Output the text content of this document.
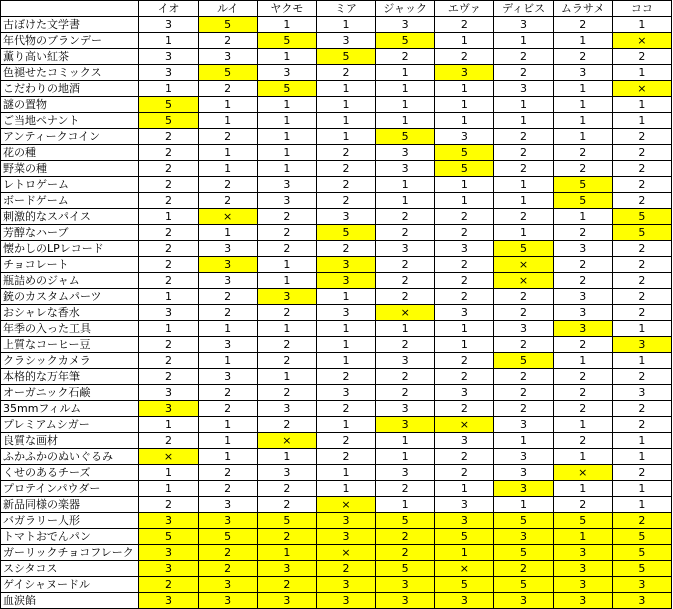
	イオ	ルイ	ヤクモ	ミア	ジャック	エヴァ	ディビス	ムラサメ	ココ
古ぼけた文学書	3	5	1	1	3	2	3	2	1
年代物のブランデー	1	2	5	3	5	1	1	1	×
薫り高い紅茶	3	3	1	5	2	2	2	2	2
色褪せたコミックス	3	5	3	2	1	3	2	3	1
こだわりの地酒	1	2	5	1	1	1	3	1	×
謎の置物	5	1	1	1	1	1	1	1	1
ご当地ペナント	5	1	1	1	1	1	1	1	1
アンティークコイン	2	2	1	1	5	3	2	1	2
花の種	2	1	1	2	3	5	2	2	2
野菜の種	2	1	1	2	3	5	2	2	2
レトロゲーム	2	2	3	2	1	1	1	5	2
ボードゲーム	2	2	3	2	1	1	1	5	2
刺激的なスパイス	1	×	2	3	2	2	2	1	5
芳醇なハーブ	2	1	2	5	2	2	1	2	5
懐かしのLPレコード	2	3	2	2	3	3	5	3	2
チョコレート	2	3	1	3	2	2	×	2	2
瓶詰めのジャム	2	3	1	3	2	2	×	2	2
銃のカスタムパーツ	1	2	3	1	2	2	2	3	2
おシャレな香水	3	2	2	3	×	3	2	3	2
年季の入った工具	1	1	1	1	1	1	3	3	1
上質なコーヒー豆	2	3	2	1	2	1	2	2	3
クラシックカメラ	2	1	2	1	3	2	5	1	1
本格的な万年筆	2	3	1	2	2	2	2	2	2
オーガニック石鹸	3	2	2	3	2	3	2	2	3
35mmフィルム	3	2	3	2	3	2	2	2	2
プレミアムシガー	1	1	2	1	3	×	3	1	2
良質な画材	2	1	×	2	1	3	1	2	1
ふかふかのぬいぐるみ	×	1	1	2	1	2	3	1	1
くせのあるチーズ	1	2	3	1	3	2	3	×	2
プロテインパウダー	1	2	2	1	2	1	3	1	1
新品同様の楽器	2	3	2	×	1	3	1	2	1
バガラリー人形	3	3	5	3	5	3	5	5	2
トマトおでんパン	5	5	2	3	2	5	3	1	5
ガーリックチョコフレーク	3	2	1	×	2	1	5	3	5
スシタコス	3	2	3	2	5	×	2	3	5
ゲイシャヌードル	2	3	2	3	3	5	5	3	3
血涙餡	3	3	3	3	3	3	3	3	3
